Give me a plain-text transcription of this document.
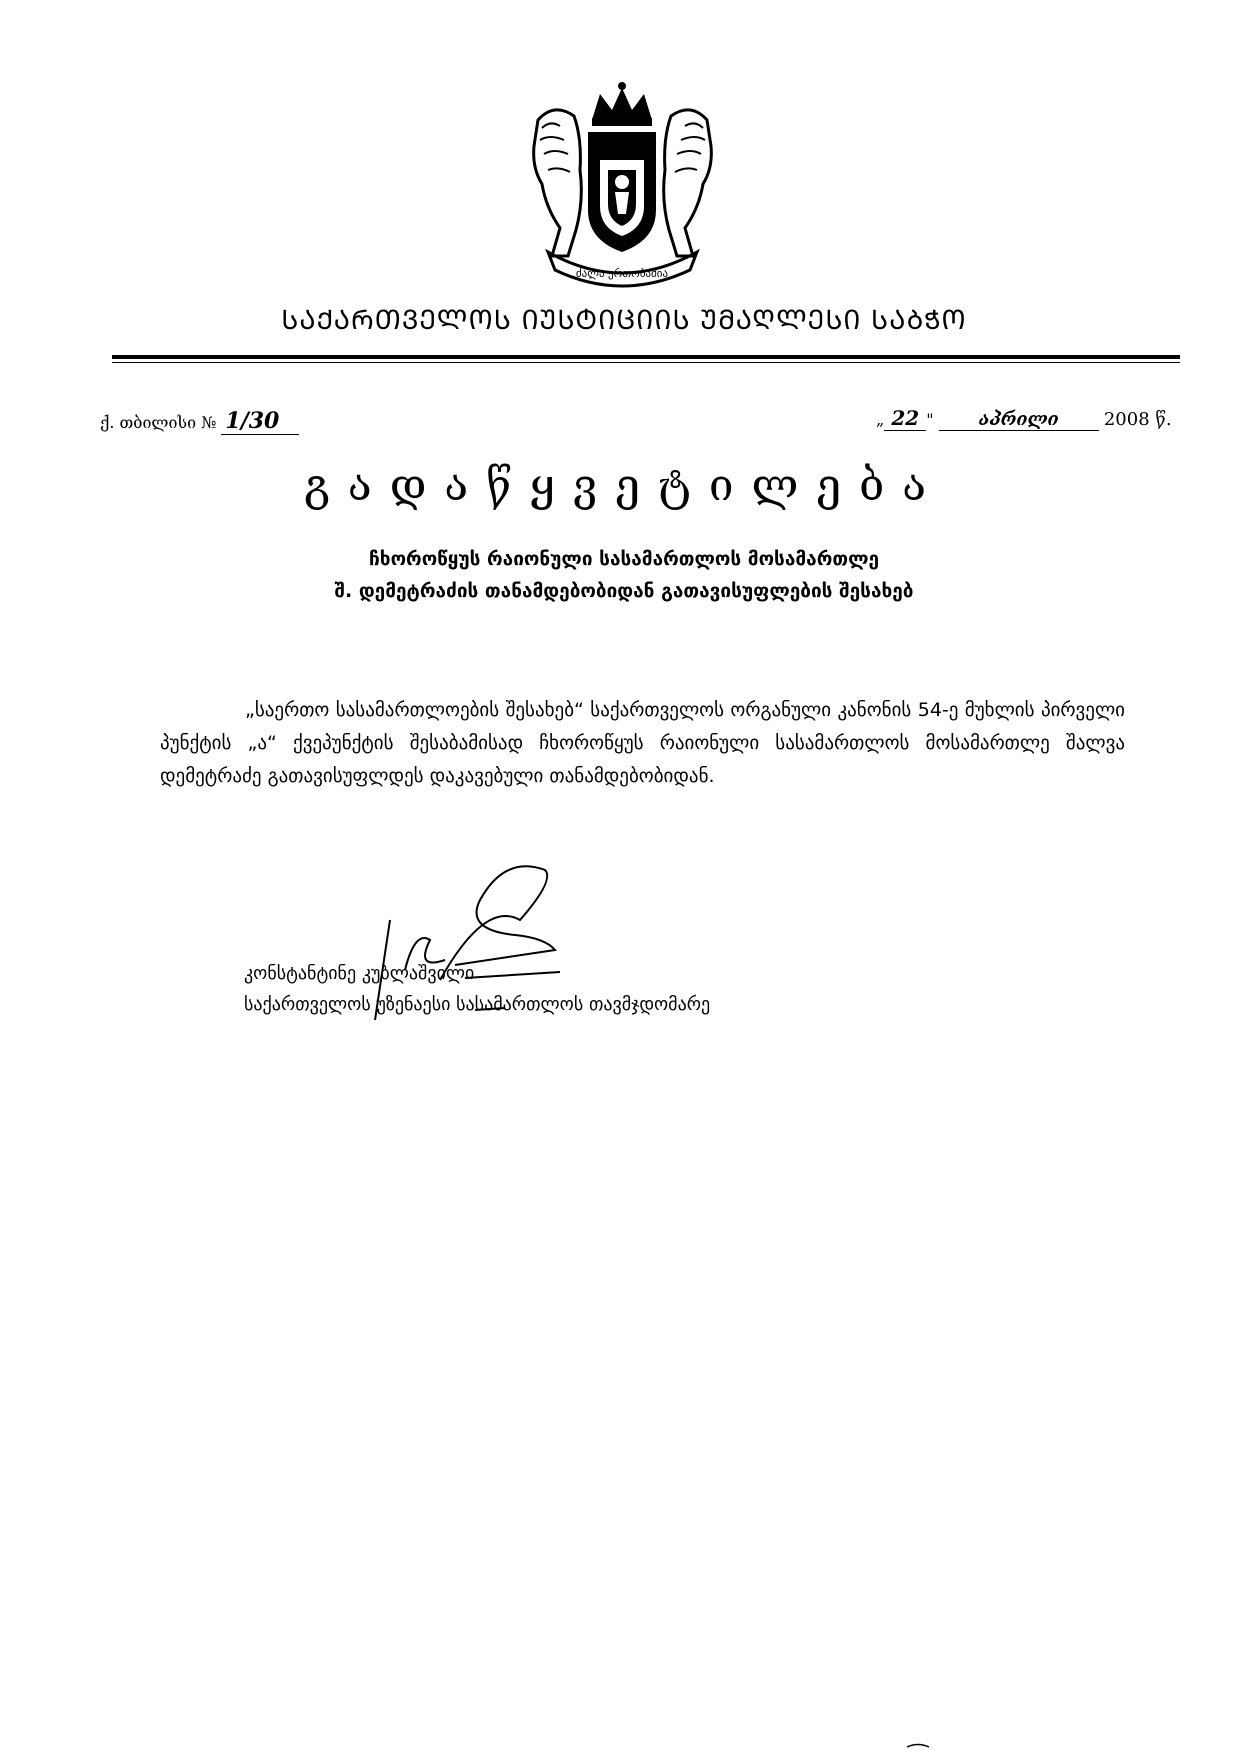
ძალა ერთობაშია
ᲡᲐᲥᲐᲠᲗᲕᲔᲚᲝᲡ ᲘᲣᲡᲢᲘᲪᲘᲘᲡ ᲣᲛᲐᲦᲚᲔᲡᲘ ᲡᲐᲑᲭᲝ
ქ. თბილისი № 1/30	„ 22 "	აპრილი	2008 წ.
გადაწყვეტილება
ჩხოროწყუს რაიონული სასამართლოს მოსამართლე
შ. დემეტრაძის თანამდებობიდან გათავისუფლების შესახებ
„საერთო სასამართლოების შესახებ“ საქართველოს ორგანული კანონის 54-ე მუხლის პირველი პუნქტის „ა“ ქვეპუნქტის შესაბამისად ჩხოროწყუს რაიონული სასამართლოს მოსამართლე შალვა დემეტრაძე გათავისუფლდეს დაკავებული თანამდებობიდან.
კონსტანტინე კუბლაშვილი
საქართველოს უზენაესი სასამართლოს თავმჯდომარე
